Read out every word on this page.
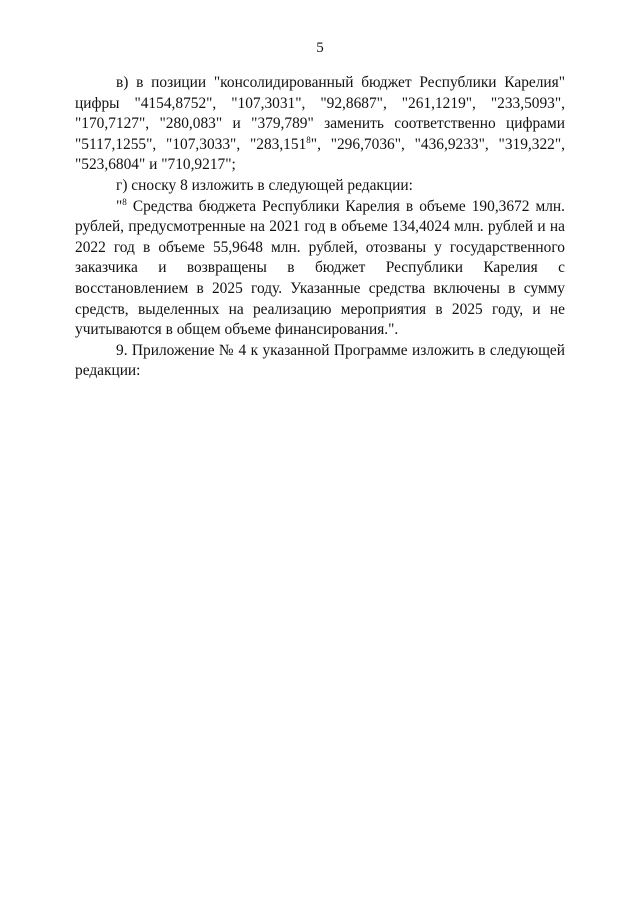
5

в) в позиции "консолидированный бюджет Республики Карелия" цифры "4154,8752", "107,3031", "92,8687", "261,1219", "233,5093", "170,7127", "280,083" и "379,789" заменить соответственно цифрами "5117,1255", "107,3033", "283,151$^8$", "296,7036", "436,9233", "319,322", "523,6804" и "710,9217";

г) сноску 8 изложить в следующей редакции:

"$^8$ Средства бюджета Республики Карелия в объеме 190,3672 млн. рублей, предусмотренные на 2021 год в объеме 134,4024 млн. рублей и на 2022 год в объеме 55,9648 млн. рублей, отозваны у государственного заказчика и возвращены в бюджет Республики Карелия с восстановлением в 2025 году. Указанные средства включены в сумму средств, выделенных на реализацию мероприятия в 2025 году, и не учитываются в общем объеме финансирования.".

9. Приложение № 4 к указанной Программе изложить в следующей редакции:
